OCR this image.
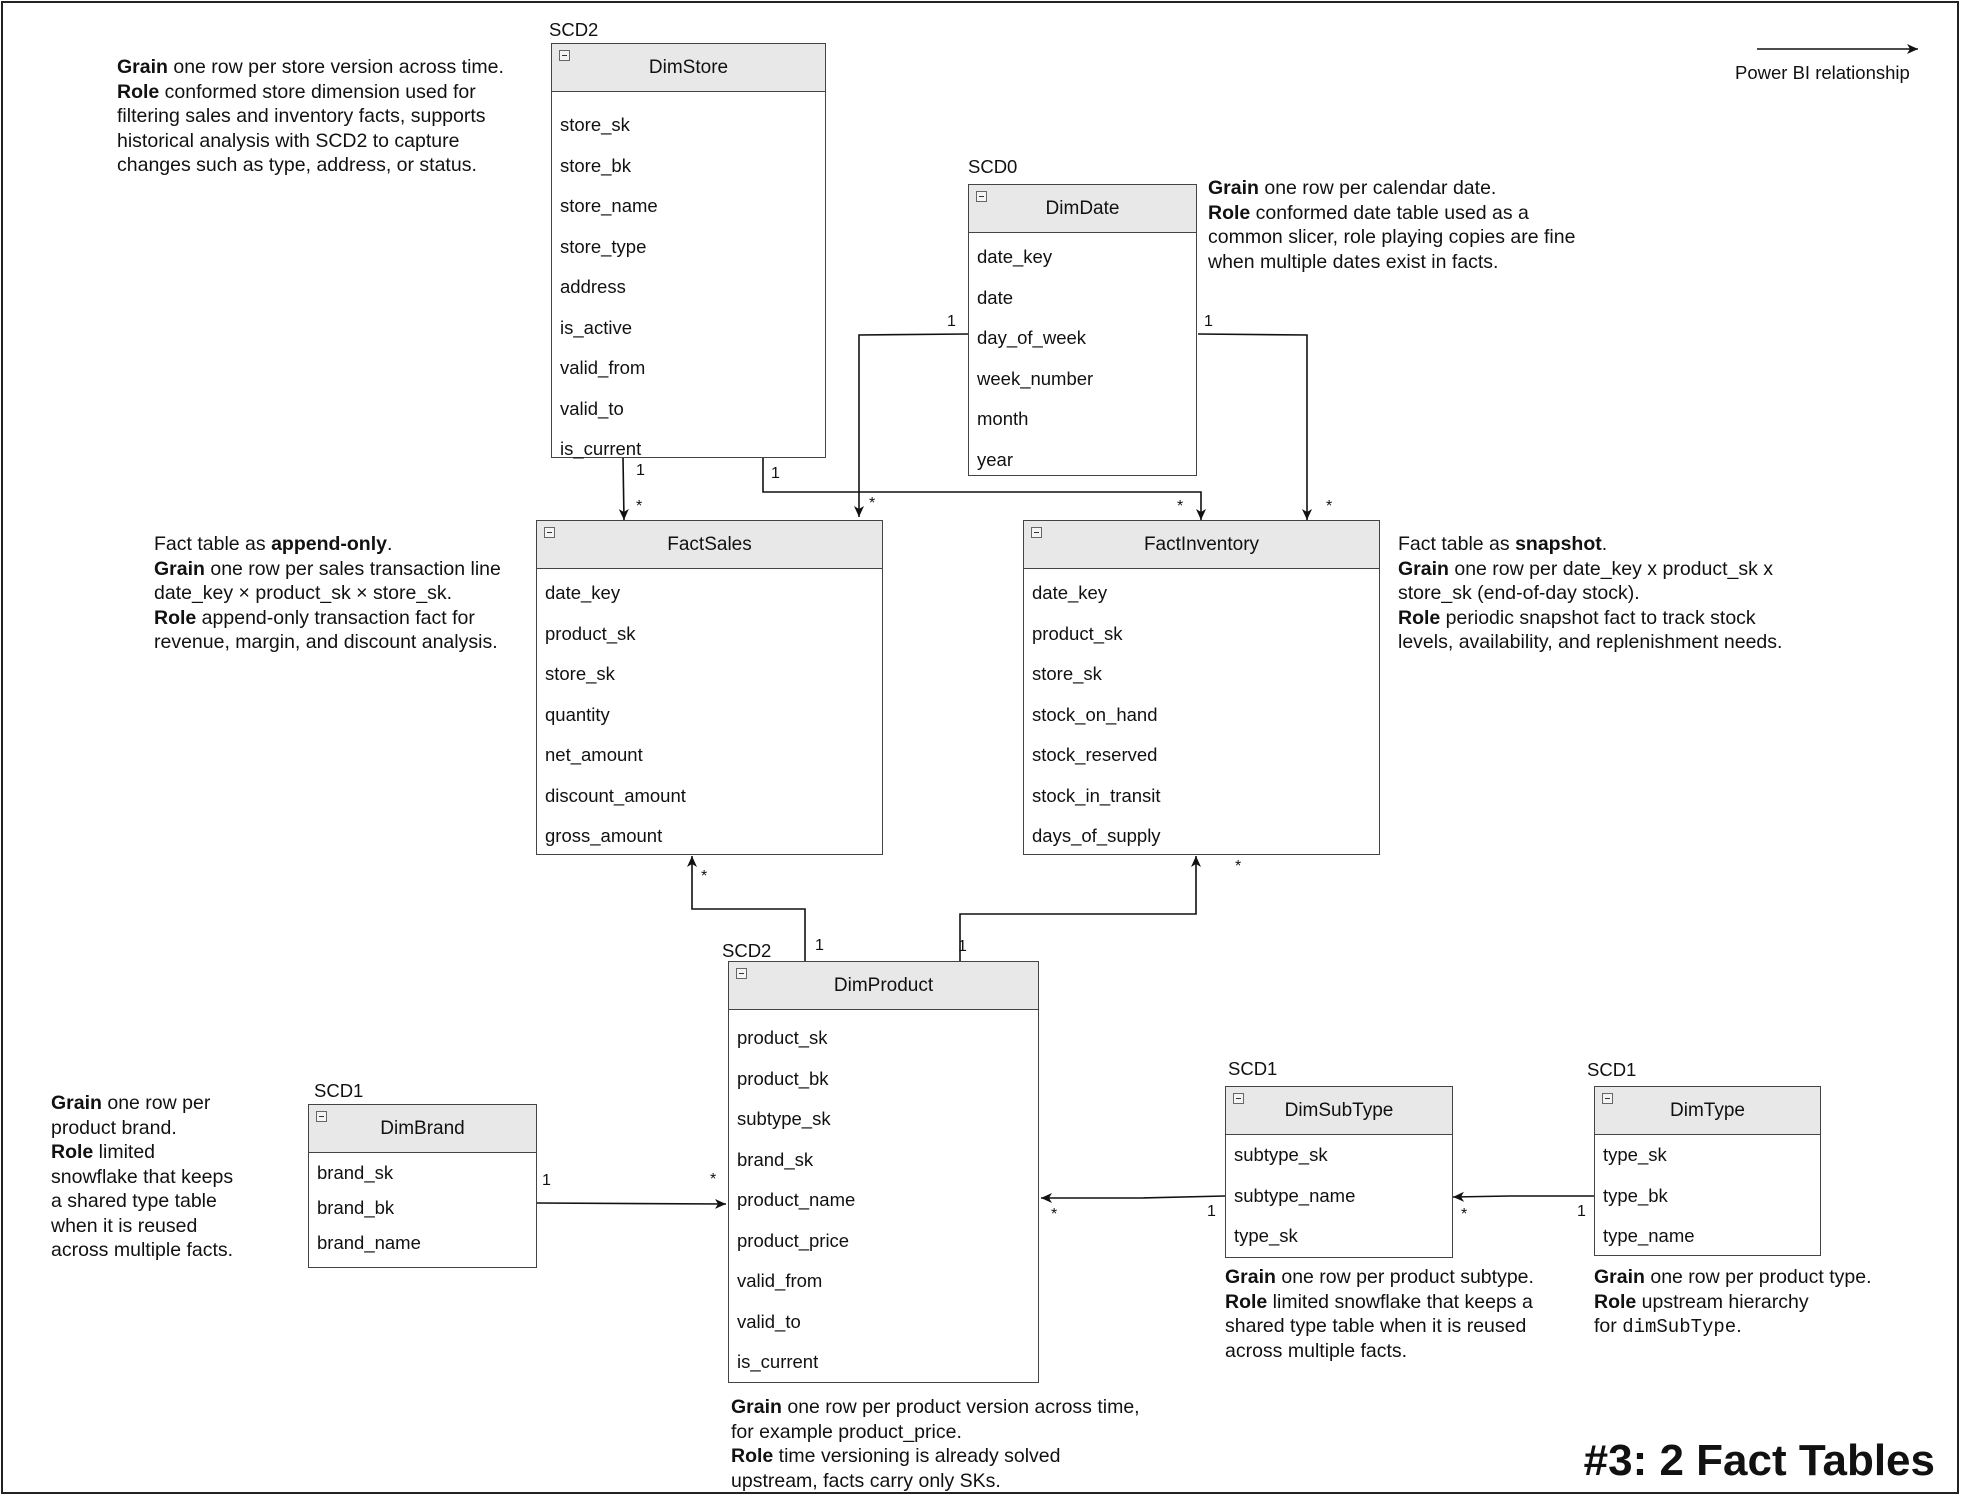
Power BI relationship
SCD2
DimStore
store_sk
store_bk
store_name
store_type
address
is_active
valid_from
valid_to
is_current
SCD0
DimDate
date_key
date
day_of_week
week_number
month
year
FactSales
date_key
product_sk
store_sk
quantity
net_amount
discount_amount
gross_amount
FactInventory
date_key
product_sk
store_sk
stock_on_hand
stock_reserved
stock_in_transit
days_of_supply
SCD2
DimProduct
product_sk
product_bk
subtype_sk
brand_sk
product_name
product_price
valid_from
valid_to
is_current
SCD1
DimBrand
brand_sk
brand_bk
brand_name
SCD1
DimSubType
subtype_sk
subtype_name
type_sk
SCD1
DimType
type_sk
type_bk
type_name
1
*
1
*
1
*
1
*
*
1	1
*
1	*
1
*	1
*
Grain one row per store version across time.
Role conformed store dimension used for
filtering sales and inventory facts, supports
historical analysis with SCD2 to capture
changes such as type, address, or status.
Grain one row per calendar date.
Role conformed date table used as a
common slicer, role playing copies are fine
when multiple dates exist in facts.
Fact table as append-only.
Grain one row per sales transaction line
date_key × product_sk × store_sk.
Role append-only transaction fact for
revenue, margin, and discount analysis.
Fact table as snapshot.
Grain one row per date_key x product_sk x
store_sk (end-of-day stock).
Role periodic snapshot fact to track stock
levels, availability, and replenishment needs.
Grain one row per
product brand.
Role limited
snowflake that keeps
a shared type table
when it is reused
across multiple facts.
Grain one row per product version across time,
for example product_price.
Role time versioning is already solved
upstream, facts carry only SKs.
Grain one row per product subtype.
Role limited snowflake that keeps a
shared type table when it is reused
across multiple facts.
Grain one row per product type.
Role upstream hierarchy
for dimSubType.
#3: 2 Fact Tables
